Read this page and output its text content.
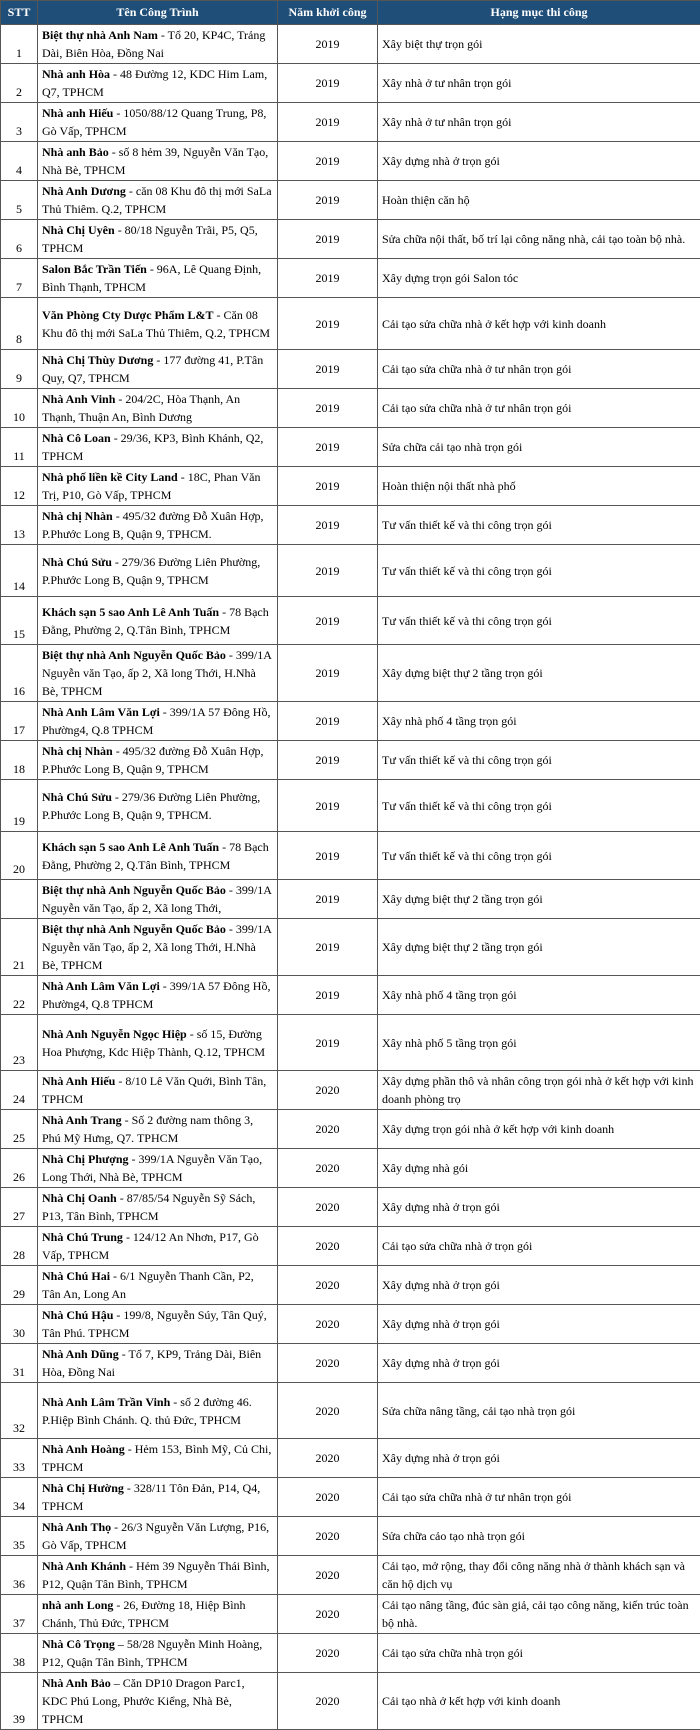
STT	Tên Công Trình	Năm khởi công	Hạng mục thi công
1	Biệt thự nhà Anh Nam - Tổ 20, KP4C, Trảng Dài, Biên Hòa, Đồng Nai	2019	Xây biệt thự trọn gói
2	Nhà anh Hòa - 48 Đường 12, KDC Him Lam, Q7, TPHCM	2019	Xây nhà ở tư nhân trọn gói
3	Nhà anh Hiếu - 1050/88/12 Quang Trung, P8, Gò Vấp, TPHCM	2019	Xây nhà ở tư nhân trọn gói
4	Nhà anh Bảo - số 8 hẻm 39, Nguyễn Văn Tạo, Nhà Bè, TPHCM	2019	Xây dựng nhà ở trọn gói
5	Nhà Anh Dương - căn 08 Khu đô thị mới SaLa Thủ Thiêm. Q.2, TPHCM	2019	Hoàn thiện căn hộ
6	Nhà Chị Uyên - 80/18 Nguyễn Trãi, P5, Q5, TPHCM	2019	Sửa chữa nội thất, bố trí lại công năng nhà, cải tạo toàn bộ nhà.
7	Salon Bắc Trần Tiến - 96A, Lê Quang Định, Bình Thạnh, TPHCM	2019	Xây dựng trọn gói Salon tóc
8	Văn Phòng Cty Dược Phẩm L&T - Căn 08 Khu đô thị mới SaLa Thủ Thiêm, Q.2, TPHCM	2019	Cải tạo sửa chữa nhà ở kết hợp với kinh doanh
9	Nhà Chị Thùy Dương - 177 đường 41, P.Tân Quy, Q7, TPHCM	2019	Cải tạo sửa chữa nhà ở tư nhân trọn gói
10	Nhà Anh Vinh - 204/2C, Hòa Thạnh, An Thạnh, Thuận An, Bình Dương	2019	Cải tạo sửa chữa nhà ở tư nhân trọn gói
11	Nhà Cô Loan - 29/36, KP3, Bình Khánh, Q2, TPHCM	2019	Sửa chữa cải tạo nhà trọn gói
12	Nhà phố liền kề City Land - 18C, Phan Văn Trị, P10, Gò Vấp, TPHCM	2019	Hoàn thiện nội thất nhà phố
13	Nhà chị Nhàn - 495/32 đường Đỗ Xuân Hợp, P.Phước Long B, Quận 9, TPHCM.	2019	Tư vấn thiết kế và thi công trọn gói
14	Nhà Chú Sửu - 279/36 Đường Liên Phường, P.Phước Long B, Quận 9, TPHCM	2019	Tư vấn thiết kế và thi công trọn gói
15	Khách sạn 5 sao Anh Lê Anh Tuấn - 78 Bạch Đằng, Phường 2, Q.Tân Bình, TPHCM	2019	Tư vấn thiết kế và thi công trọn gói
16	Biệt thự nhà Anh Nguyễn Quốc Bảo - 399/1A Nguyễn văn Tạo, ấp 2, Xã long Thới, H.Nhà Bè, TPHCM	2019	Xây dựng biệt thự 2 tầng trọn gói
17	Nhà Anh Lâm Văn Lợi - 399/1A 57 Đông Hồ, Phường4, Q.8 TPHCM	2019	Xây nhà phố 4 tầng trọn gói
18	Nhà chị Nhàn - 495/32 đường Đỗ Xuân Hợp, P.Phước Long B, Quận 9, TPHCM	2019	Tư vấn thiết kế và thi công trọn gói
19	Nhà Chú Sửu - 279/36 Đường Liên Phường, P.Phước Long B, Quận 9, TPHCM.	2019	Tư vấn thiết kế và thi công trọn gói
20	Khách sạn 5 sao Anh Lê Anh Tuấn - 78 Bạch Đằng, Phường 2, Q.Tân Bình, TPHCM	2019	Tư vấn thiết kế và thi công trọn gói
	Biệt thự nhà Anh Nguyễn Quốc Bảo - 399/1A Nguyễn văn Tạo, ấp 2, Xã long Thới,	2019	Xây dựng biệt thự 2 tầng trọn gói
21	Biệt thự nhà Anh Nguyễn Quốc Bảo - 399/1A Nguyễn văn Tạo, ấp 2, Xã long Thới, H.Nhà Bè, TPHCM	2019	Xây dựng biệt thự 2 tầng trọn gói
22	Nhà Anh Lâm Văn Lợi - 399/1A 57 Đông Hồ, Phường4, Q.8 TPHCM	2019	Xây nhà phố 4 tầng trọn gói
23	Nhà Anh Nguyễn Ngọc Hiệp - số 15, Đường Hoa Phượng, Kdc Hiệp Thành, Q.12, TPHCM	2019	Xây nhà phố 5 tầng trọn gói
24	Nhà Anh Hiếu - 8/10 Lê Văn Quới, Bình Tân, TPHCM	2020	Xây dựng phần thô và nhân công trọn gói nhà ở kết hợp với kinh doanh phòng trọ
25	Nhà Anh Trang - Số 2 đường nam thông 3, Phú Mỹ Hưng, Q7. TPHCM	2020	Xây dựng trọn gói nhà ở kết hợp với kinh doanh
26	Nhà Chị Phượng - 399/1A Nguyễn Văn Tạo, Long Thới, Nhà Bè, TPHCM	2020	Xây dựng nhà gói
27	Nhà Chị Oanh - 87/85/54 Nguyễn Sỹ Sách, P13, Tân Bình, TPHCM	2020	Xây dựng nhà ở trọn gói
28	Nhà Chú Trung - 124/12 An Nhơn, P17, Gò Vấp, TPHCM	2020	Cải tạo sửa chữa nhà ở trọn gói
29	Nhà Chú Hai - 6/1 Nguyễn Thanh Cần, P2, Tân An, Long An	2020	Xây dựng nhà ở trọn gói
30	Nhà Chú Hậu - 199/8, Nguyễn Súy, Tân Quý, Tân Phú. TPHCM	2020	Xây dựng nhà ở trọn gói
31	Nhà Anh Dũng - Tổ 7, KP9, Trảng Dài, Biên Hòa, Đồng Nai	2020	Xây dựng nhà ở trọn gói
32	Nhà Anh Lâm Trần Vinh - số 2 đường 46. P.Hiệp Bình Chánh. Q. thủ Đức, TPHCM	2020	Sửa chữa nâng tầng, cải tạo nhà trọn gói
33	Nhà Anh Hoàng - Hẻm 153, Bình Mỹ, Củ Chi, TPHCM	2020	Xây dựng nhà ở trọn gói
34	Nhà Chị Hường - 328/11 Tôn Đản, P14, Q4, TPHCM	2020	Cải tạo sửa chữa nhà ở tư nhân trọn gói
35	Nhà Anh Thọ - 26/3 Nguyễn Văn Lượng, P16, Gò Vấp, TPHCM	2020	Sửa chữa cảo tạo nhà trọn gói
36	Nhà Anh Khánh - Hẻm 39 Nguyễn Thái Bình, P12, Quận Tân Bình, TPHCM	2020	Cải tạo, mở rộng, thay đổi công năng nhà ở thành khách sạn và căn hộ dịch vụ
37	nhà anh Long - 26, Đường 18, Hiệp Bình Chánh, Thủ Đức, TPHCM	2020	Cải tạo nâng tầng, đúc sàn giả, cải tạo công năng, kiến trúc toàn bộ nhà.
38	Nhà Cô Trọng – 58/28 Nguyễn Minh Hoàng, P12, Quận Tân Bình, TPHCM	2020	Cải tạo sửa chữa nhà trọn gói
39	Nhà Anh Bảo – Căn DP10 Dragon Parc1, KDC Phú Long, Phước Kiểng, Nhà Bè, TPHCM	2020	Cải tạo nhà ở kết hợp với kinh doanh
